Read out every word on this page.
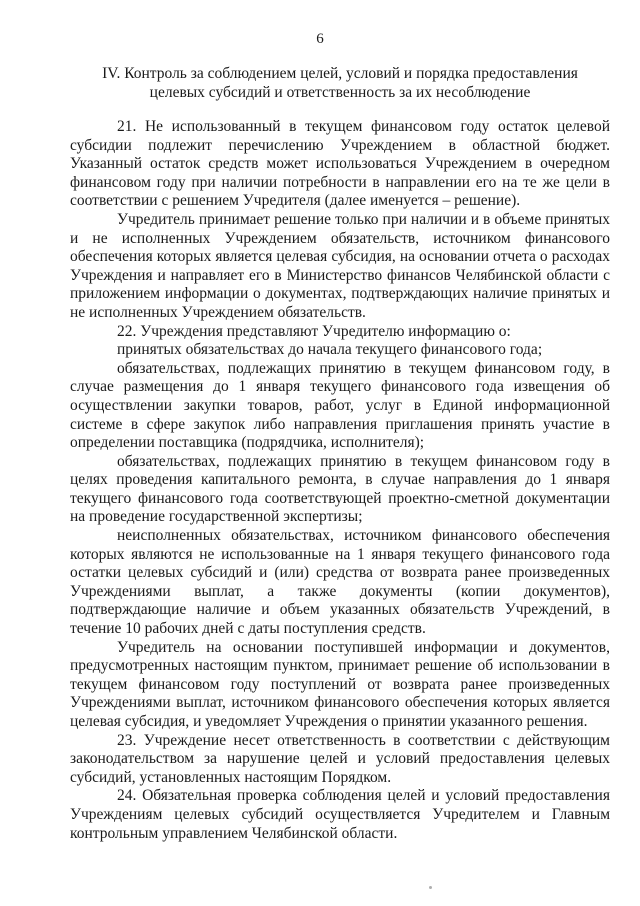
6
IV. Контроль за соблюдением целей, условий и порядка предоставления
целевых субсидий и ответственность за их несоблюдение

21. Не использованный в текущем финансовом году остаток целевой субсидии подлежит перечислению Учреждением в областной бюджет. Указанный остаток средств может использоваться Учреждением в очередном финансовом году при наличии потребности в направлении его на те же цели в соответствии с решением Учредителя (далее именуется – решение).

Учредитель принимает решение только при наличии и в объеме принятых и не исполненных Учреждением обязательств, источником финансового обеспечения которых является целевая субсидия, на основании отчета о расходах Учреждения и направляет его в Министерство финансов Челябинской области с приложением информации о документах, подтверждающих наличие принятых и не исполненных Учреждением обязательств.

22. Учреждения представляют Учредителю информацию о:

принятых обязательствах до начала текущего финансового года;

обязательствах, подлежащих принятию в текущем финансовом году, в случае размещения до 1 января текущего финансового года извещения об осуществлении закупки товаров, работ, услуг в Единой информационной системе в сфере закупок либо направления приглашения принять участие в определении поставщика (подрядчика, исполнителя);

обязательствах, подлежащих принятию в текущем финансовом году в целях проведения капитального ремонта, в случае направления до 1 января текущего финансового года соответствующей проектно-сметной документации на проведение государственной экспертизы;

неисполненных обязательствах, источником финансового обеспечения которых являются не использованные на 1 января текущего финансового года остатки целевых субсидий и (или) средства от возврата ранее произведенных Учреждениями выплат, а также документы (копии документов), подтверждающие наличие и объем указанных обязательств Учреждений, в течение 10 рабочих дней с даты поступления средств.

Учредитель на основании поступившей информации и документов, предусмотренных настоящим пунктом, принимает решение об использовании в текущем финансовом году поступлений от возврата ранее произведенных Учреждениями выплат, источником финансового обеспечения которых является целевая субсидия, и уведомляет Учреждения о принятии указанного решения.

23. Учреждение несет ответственность в соответствии с действующим законодательством за нарушение целей и условий предоставления целевых субсидий, установленных настоящим Порядком.

24. Обязательная проверка соблюдения целей и условий предоставления Учреждениям целевых субсидий осуществляется Учредителем и Главным контрольным управлением Челябинской области.
